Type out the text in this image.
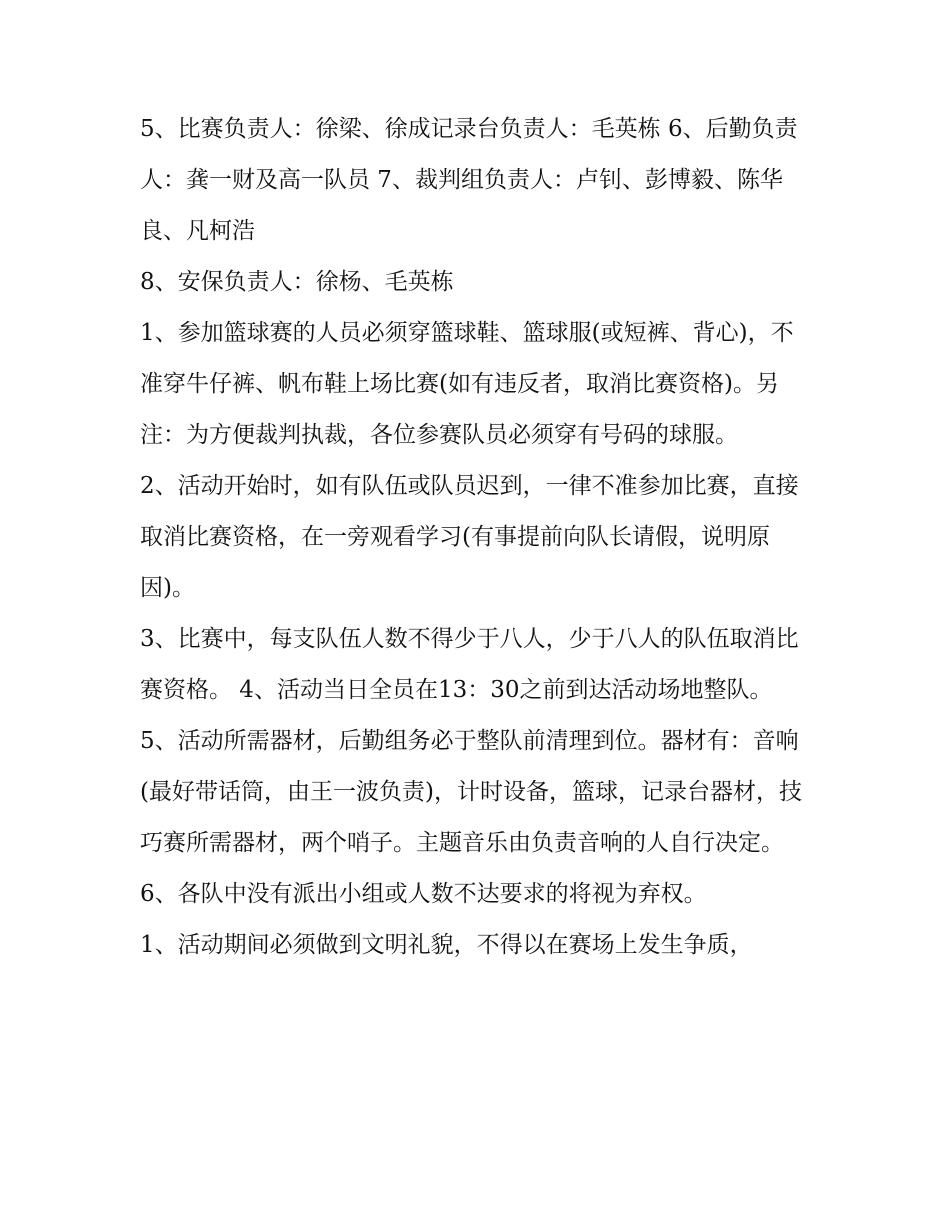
5、比赛负责人：徐梁、徐成记录台负责人：毛英栋 6、后勤负责人：龚一财及高一队员 7、裁判组负责人：卢钊、彭博毅、陈华良、凡柯浩

8、安保负责人：徐杨、毛英栋

1、参加篮球赛的人员必须穿篮球鞋、篮球服(或短裤、背心)，不准穿牛仔裤、帆布鞋上场比赛(如有违反者，取消比赛资格)。另注：为方便裁判执裁，各位参赛队员必须穿有号码的球服。

2、活动开始时，如有队伍或队员迟到，一律不准参加比赛，直接取消比赛资格，在一旁观看学习(有事提前向队长请假，说明原因)。

3、比赛中，每支队伍人数不得少于八人，少于八人的队伍取消比赛资格。 4、活动当日全员在13：30之前到达活动场地整队。

5、活动所需器材，后勤组务必于整队前清理到位。器材有：音响(最好带话筒，由王一波负责)，计时设备，篮球，记录台器材，技巧赛所需器材，两个哨子。主题音乐由负责音响的人自行决定。

6、各队中没有派出小组或人数不达要求的将视为弃权。

1、活动期间必须做到文明礼貌，不得以在赛场上发生争质，
